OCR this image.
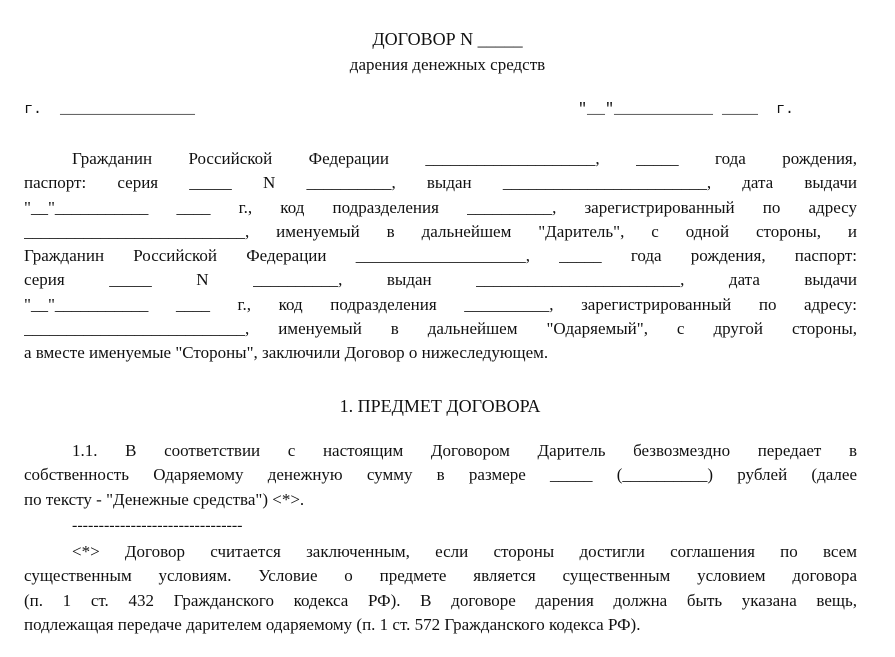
ДОГОВОР N _____
дарения денежных средств
г.  _______________	"__"___________ ____  г.
Гражданин  Российской  Федерации  ____________________,  _____  года  рождения,
паспорт:  серия  _____  N  __________,  выдан  ________________________,  дата  выдачи
"__"___________  ____  г.,  код  подразделения  __________,  зарегистрированный  по  адресу
__________________________,  именуемый  в  дальнейшем  "Даритель",  с  одной  стороны,  и
Гражданин  Российской  Федерации  ____________________,  _____  года  рождения,  паспорт:
серия  _____  N  __________,  выдан  ________________________,  дата  выдачи
"__"___________  ____  г.,  код  подразделения  __________,  зарегистрированный  по  адресу:
__________________________,  именуемый  в  дальнейшем  "Одаряемый",  с  другой  стороны,
а вместе именуемые "Стороны", заключили Договор о нижеследующем.
1. ПРЕДМЕТ ДОГОВОРА
1.1.  В  соответствии  с  настоящим  Договором  Даритель  безвозмездно  передает  в
собственность  Одаряемому  денежную  сумму  в  размере  _____  (__________)  рублей  (далее
по тексту - "Денежные средства") <*>.
--------------------------------
<*>  Договор  считается  заключенным,  если  стороны  достигли  соглашения  по  всем
существенным  условиям.  Условие  о  предмете  является  существенным  условием  договора
(п.  1  ст.  432  Гражданского  кодекса  РФ).  В  договоре  дарения  должна  быть  указана  вещь,
подлежащая передаче дарителем одаряемому (п. 1 ст. 572 Гражданского кодекса РФ).
